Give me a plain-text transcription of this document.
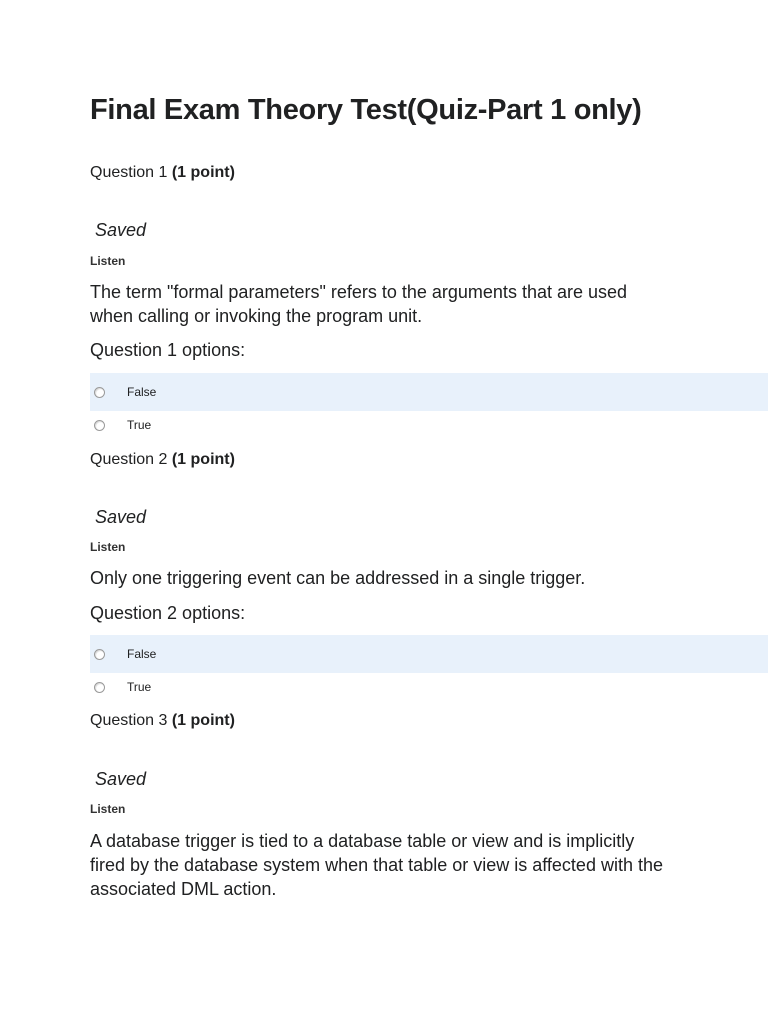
Final Exam Theory Test(Quiz-Part 1 only)
Question 1 (1 point)
Saved
Listen
The term "formal parameters" refers to the arguments that are used when calling or invoking the program unit.
Question 1 options:
False
True
Question 2 (1 point)
Saved
Listen
Only one triggering event can be addressed in a single trigger.
Question 2 options:
False
True
Question 3 (1 point)
Saved
Listen
A database trigger is tied to a database table or view and is implicitly fired by the database system when that table or view is affected with the associated DML action.
